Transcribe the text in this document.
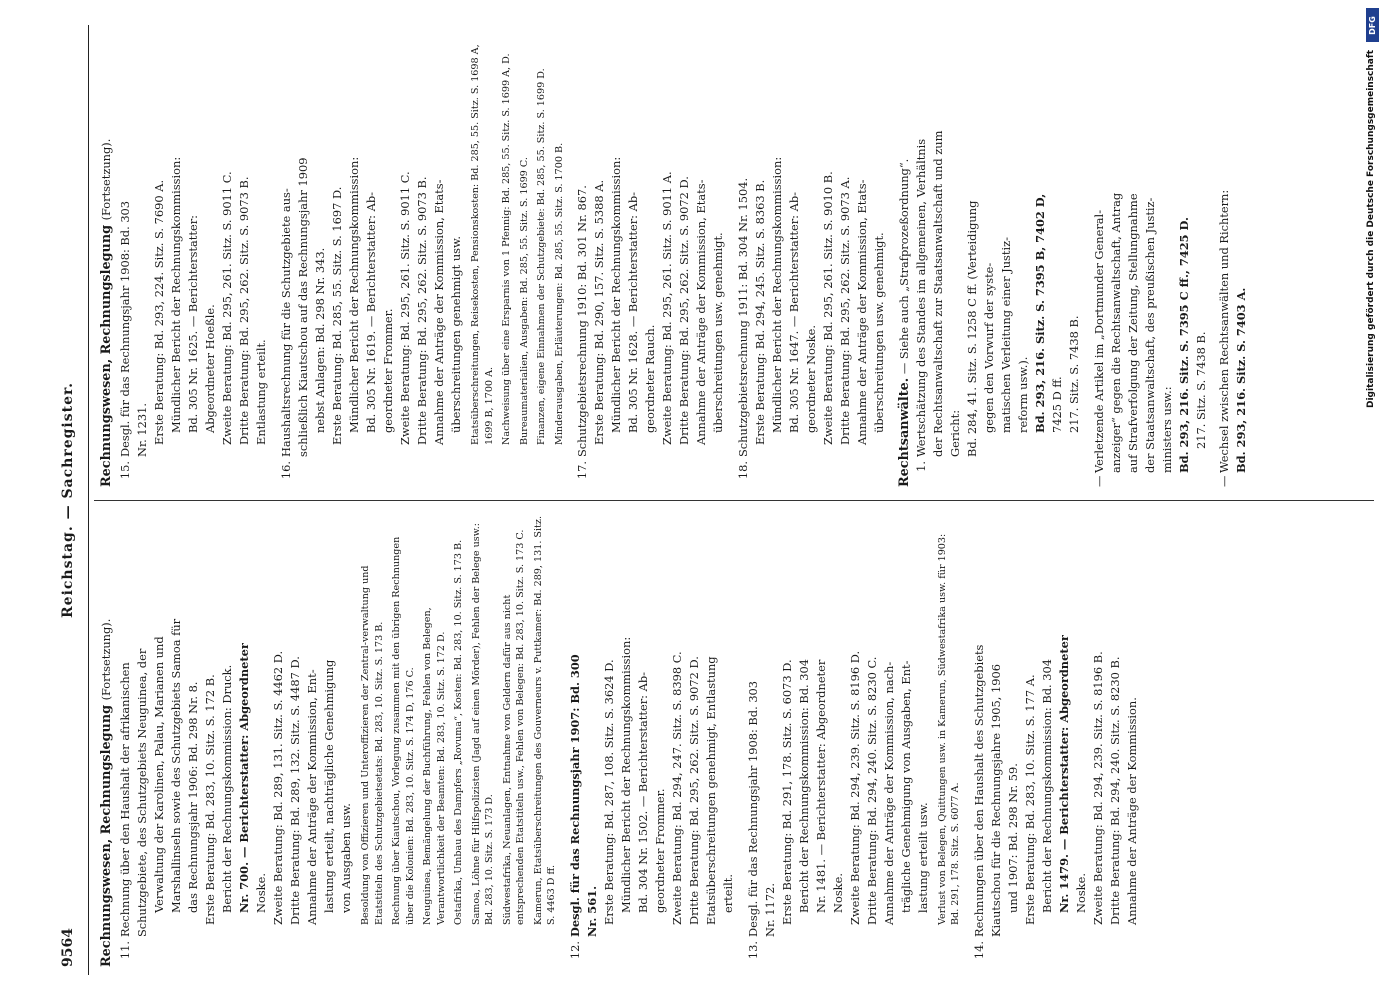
9564
Reichstag. — Sachregister.
Rechnungswesen, Rechnungslegung (Fortsetzung).
11.
Rechnung über den Haushalt der afrikanischen Schutzgebiete, des Schutzgebiets Neuguinea, der Verwaltung der Karolinen, Palau, Marianen und Marshallinseln sowie des Schutzgebiets Samoa für das Rechnungsjahr 1906: Bd. 298 Nr. 8. Erste Beratung: Bd. 283, 10. Sitz. S. 172 B. Bericht der Rechnungskommission: Druck. Nr. 700. — Berichterstatter: Abgeordneter Noske. Zweite Beratung: Bd. 289, 131. Sitz. S. 4462 D. Dritte Beratung: Bd. 289, 132. Sitz. S. 4487 D. Annahme der Anträge der Kommission, Ent- lastung erteilt, nachträgliche Genehmigung von Ausgaben usw. Besoldung von Offizieren und Unteroffizieren der Zentral-verwaltung und Etatstiteln des Schutzgebietsetats: Bd. 283, 10. Sitz. S. 173 B. Rechnung über Kiautschou, Vorlegung zusammen mit den übrigen Rechnungen über die Kolonien: Bd. 283, 10. Sitz. S. 174 D, 176 C. Neuguinea, Bemängelung der Buchführung, Fehlen von Belegen, Verantwortlichkeit der Beamten: Bd. 283, 10. Sitz. S. 172 D. Ostafrika, Umbau des Dampfers „Rovuma“, Kosten: Bd. 283, 10. Sitz. S. 173 B. Samoa, Löhne für Hilfspolizisten (Jagd auf einen Mörder), Fehlen der Belege usw.: Bd. 283, 10. Sitz. S. 173 D. Südwestafrika, Neuanlagen, Entnahme von Geldern dafür aus nicht entsprechenden Etatstiteln usw., Fehlen von Belegen: Bd. 283, 10. Sitz. S. 173 C. Kamerun, Etatsüberschreitungen des Gouverneurs v. Puttkamer: Bd. 289, 131. Sitz. S. 4463 D ff.
12.
Desgl. für das Rechnungsjahr 1907: Bd. 300 Nr. 561. Erste Beratung: Bd. 287, 108. Sitz. S. 3624 D. Mündlicher Bericht der Rechnungskommission: Bd. 304 Nr. 1502. — Berichterstatter: Ab- geordneter Frommer. Zweite Beratung: Bd. 294, 247. Sitz. S. 8398 C. Dritte Beratung: Bd. 295, 262. Sitz. S. 9072 D. Etatsüberschreitungen genehmigt, Entlastung erteilt.
13.
Desgl. für das Rechnungsjahr 1908: Bd. 303 Nr. 1172. Erste Beratung: Bd. 291, 178. Sitz. S. 6073 D. Bericht der Rechnungskommission: Bd. 304 Nr. 1481. — Berichterstatter: Abgeordneter Noske. Zweite Beratung: Bd. 294, 239. Sitz. S. 8196 D. Dritte Beratung: Bd. 294, 240. Sitz. S. 8230 C. Annahme der Anträge der Kommission, nach- trägliche Genehmigung von Ausgaben, Ent- lastung erteilt usw. Verlust von Belegen, Quittungen usw. in Kamerun, Südwestafrika usw. für 1903: Bd. 291, 178. Sitz. S. 6077 A.
14.
Rechnungen über den Haushalt des Schutzgebiets Kiautschou für die Rechnungsjahre 1905, 1906 und 1907: Bd. 298 Nr. 59. Erste Beratung: Bd. 283, 10. Sitz. S. 177 A. Bericht der Rechnungskommission: Bd. 304 Nr. 1479. — Berichterstatter: Abgeordneter Noske. Zweite Beratung: Bd. 294, 239. Sitz. S. 8196 B. Dritte Beratung: Bd. 294, 240. Sitz. S. 8230 B. Annahme der Anträge der Kommission.
Rechnungswesen, Rechnungslegung (Fortsetzung).
15.
Desgl. für das Rechnungsjahr 1908: Bd. 303 Nr. 1231. Erste Beratung: Bd. 293, 224. Sitz. S. 7690 A. Mündlicher Bericht der Rechnungskommission: Bd. 305 Nr. 1625. — Berichterstatter: Abgeordneter Hoeßle. Zweite Beratung: Bd. 295, 261. Sitz. S. 9011 C. Dritte Beratung: Bd. 295, 262. Sitz. S. 9073 B. Entlastung erteilt.
16.
Haushaltsrechnung für die Schutzgebiete aus- schließlich Kiautschou auf das Rechnungsjahr 1909 nebst Anlagen: Bd. 298 Nr. 343. Erste Beratung: Bd. 285, 55. Sitz. S. 1697 D. Mündlicher Bericht der Rechnungskommission: Bd. 305 Nr. 1619. — Berichterstatter: Ab- geordneter Frommer. Zweite Beratung: Bd. 295, 261. Sitz. S. 9011 C. Dritte Beratung: Bd. 295, 262. Sitz. S. 9073 B. Annahme der Anträge der Kommission, Etats- überschreitungen genehmigt usw. Etatsüberschreitungen, Reisekosten, Pensionskosten: Bd. 285, 55. Sitz. S. 1698 A, 1699 B, 1700 A. Nachweisung über eine Ersparnis von 1 Pfennig: Bd. 285, 55. Sitz. S. 1699 A, D. Bureaumaterialien, Ausgaben: Bd. 285, 55. Sitz. S. 1699 C. Finanzen, eigene Einnahmen der Schutzgebiete: Bd. 285, 55. Sitz. S. 1699 D. Minderausgaben, Erläuterungen: Bd. 285, 55. Sitz. S. 1700 B.
17.
Schutzgebietsrechnung 1910: Bd. 301 Nr. 867. Erste Beratung: Bd. 290, 157. Sitz. S. 5388 A. Mündlicher Bericht der Rechnungskommission: Bd. 305 Nr. 1628. — Berichterstatter: Ab- geordneter Rauch. Zweite Beratung: Bd. 295, 261. Sitz. S. 9011 A. Dritte Beratung: Bd. 295, 262. Sitz. S. 9072 D. Annahme der Anträge der Kommission, Etats- überschreitungen usw. genehmigt.
18.
Schutzgebietsrechnung 1911: Bd. 304 Nr. 1504. Erste Beratung: Bd. 294, 245. Sitz. S. 8363 B. Mündlicher Bericht der Rechnungskommission: Bd. 305 Nr. 1647. — Berichterstatter: Ab- geordneter Noske. Zweite Beratung: Bd. 295, 261. Sitz. S. 9010 B. Dritte Beratung: Bd. 295, 262. Sitz. S. 9073 A. Annahme der Anträge der Kommission, Etats- überschreitungen usw. genehmigt. Rechtsanwälte. — Siehe auch „Strafprozeßordnung“.
1.
Wertschätzung des Standes im allgemeinen, Verhältnis der Rechtsanwaltschaft zur Staatsanwaltschaft und zum Gericht: Bd. 284, 41. Sitz. S. 1258 C ff. (Verteidigung gegen den Vorwurf der syste- matischen Verleitung einer Justiz- reform usw.). Bd. 293, 216. Sitz. S. 7395 B, 7402 D, 7425 D ff. 217. Sitz. S. 7438 B.
—
Verletzende Artikel im „Dortmunder General- anzeiger“ gegen die Rechtsanwaltschaft, Antrag auf Strafverfolgung der Zeitung, Stellungnahme der Staatsanwaltschaft, des preußischen Justiz- ministers usw.: Bd. 293, 216. Sitz. S. 7395 C ff., 7425 D. 217. Sitz. S. 7438 B.
—
Wechsel zwischen Rechtsanwälten und Richtern: Bd. 293, 216. Sitz. S. 7403 A.
DFG
Digitalisierung gefördert durch die Deutsche Forschungsgemeinschaft
